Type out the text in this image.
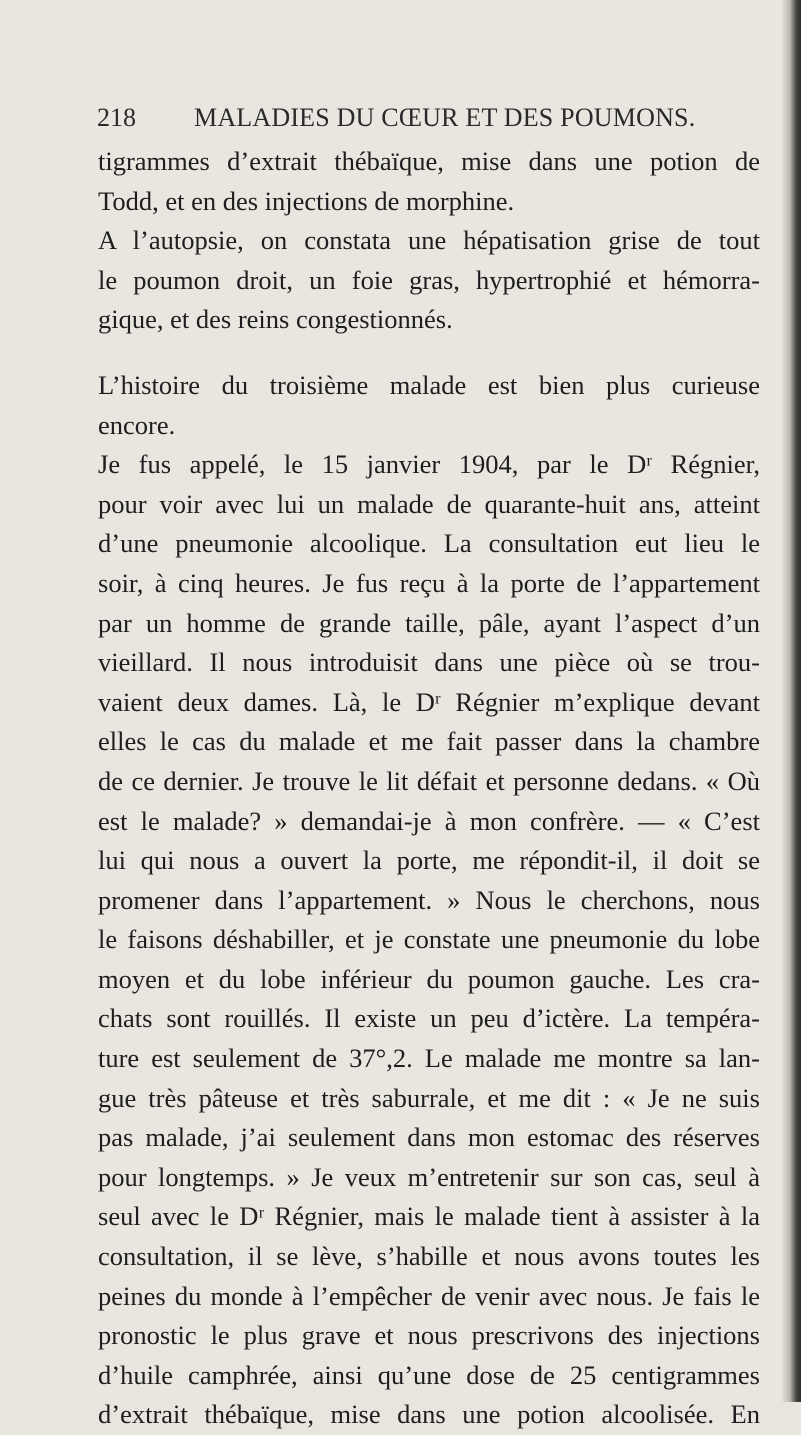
218 MALADIES DU CŒUR ET DES POUMONS.
tigrammes d’extrait thébaïque, mise dans une potion de
Todd, et en des injections de morphine.
A l’autopsie, on constata une hépatisation grise de tout
le poumon droit, un foie gras, hypertrophié et hémorra-
gique, et des reins congestionnés.
L’histoire du troisième malade est bien plus curieuse
encore.
Je fus appelé, le 15 janvier 1904, par le Dʳ Régnier,
pour voir avec lui un malade de quarante-huit ans, atteint
d’une pneumonie alcoolique. La consultation eut lieu le
soir, à cinq heures. Je fus reçu à la porte de l’appartement
par un homme de grande taille, pâle, ayant l’aspect d’un
vieillard. Il nous introduisit dans une pièce où se trou-
vaient deux dames. Là, le Dʳ Régnier m’explique devant
elles le cas du malade et me fait passer dans la chambre
de ce dernier. Je trouve le lit défait et personne dedans. « Où
est le malade? » demandai-je à mon confrère. — « C’est
lui qui nous a ouvert la porte, me répondit-il, il doit se
promener dans l’appartement. » Nous le cherchons, nous
le faisons déshabiller, et je constate une pneumonie du lobe
moyen et du lobe inférieur du poumon gauche. Les cra-
chats sont rouillés. Il existe un peu d’ictère. La tempéra-
ture est seulement de 37°,2. Le malade me montre sa lan-
gue très pâteuse et très saburrale, et me dit : « Je ne suis
pas malade, j’ai seulement dans mon estomac des réserves
pour longtemps. » Je veux m’entretenir sur son cas, seul à
seul avec le Dʳ Régnier, mais le malade tient à assister à la
consultation, il se lève, s’habille et nous avons toutes les
peines du monde à l’empêcher de venir avec nous. Je fais le
pronostic le plus grave et nous prescrivons des injections
d’huile camphrée, ainsi qu’une dose de 25 centigrammes
d’extrait thébaïque, mise dans une potion alcoolisée. En
